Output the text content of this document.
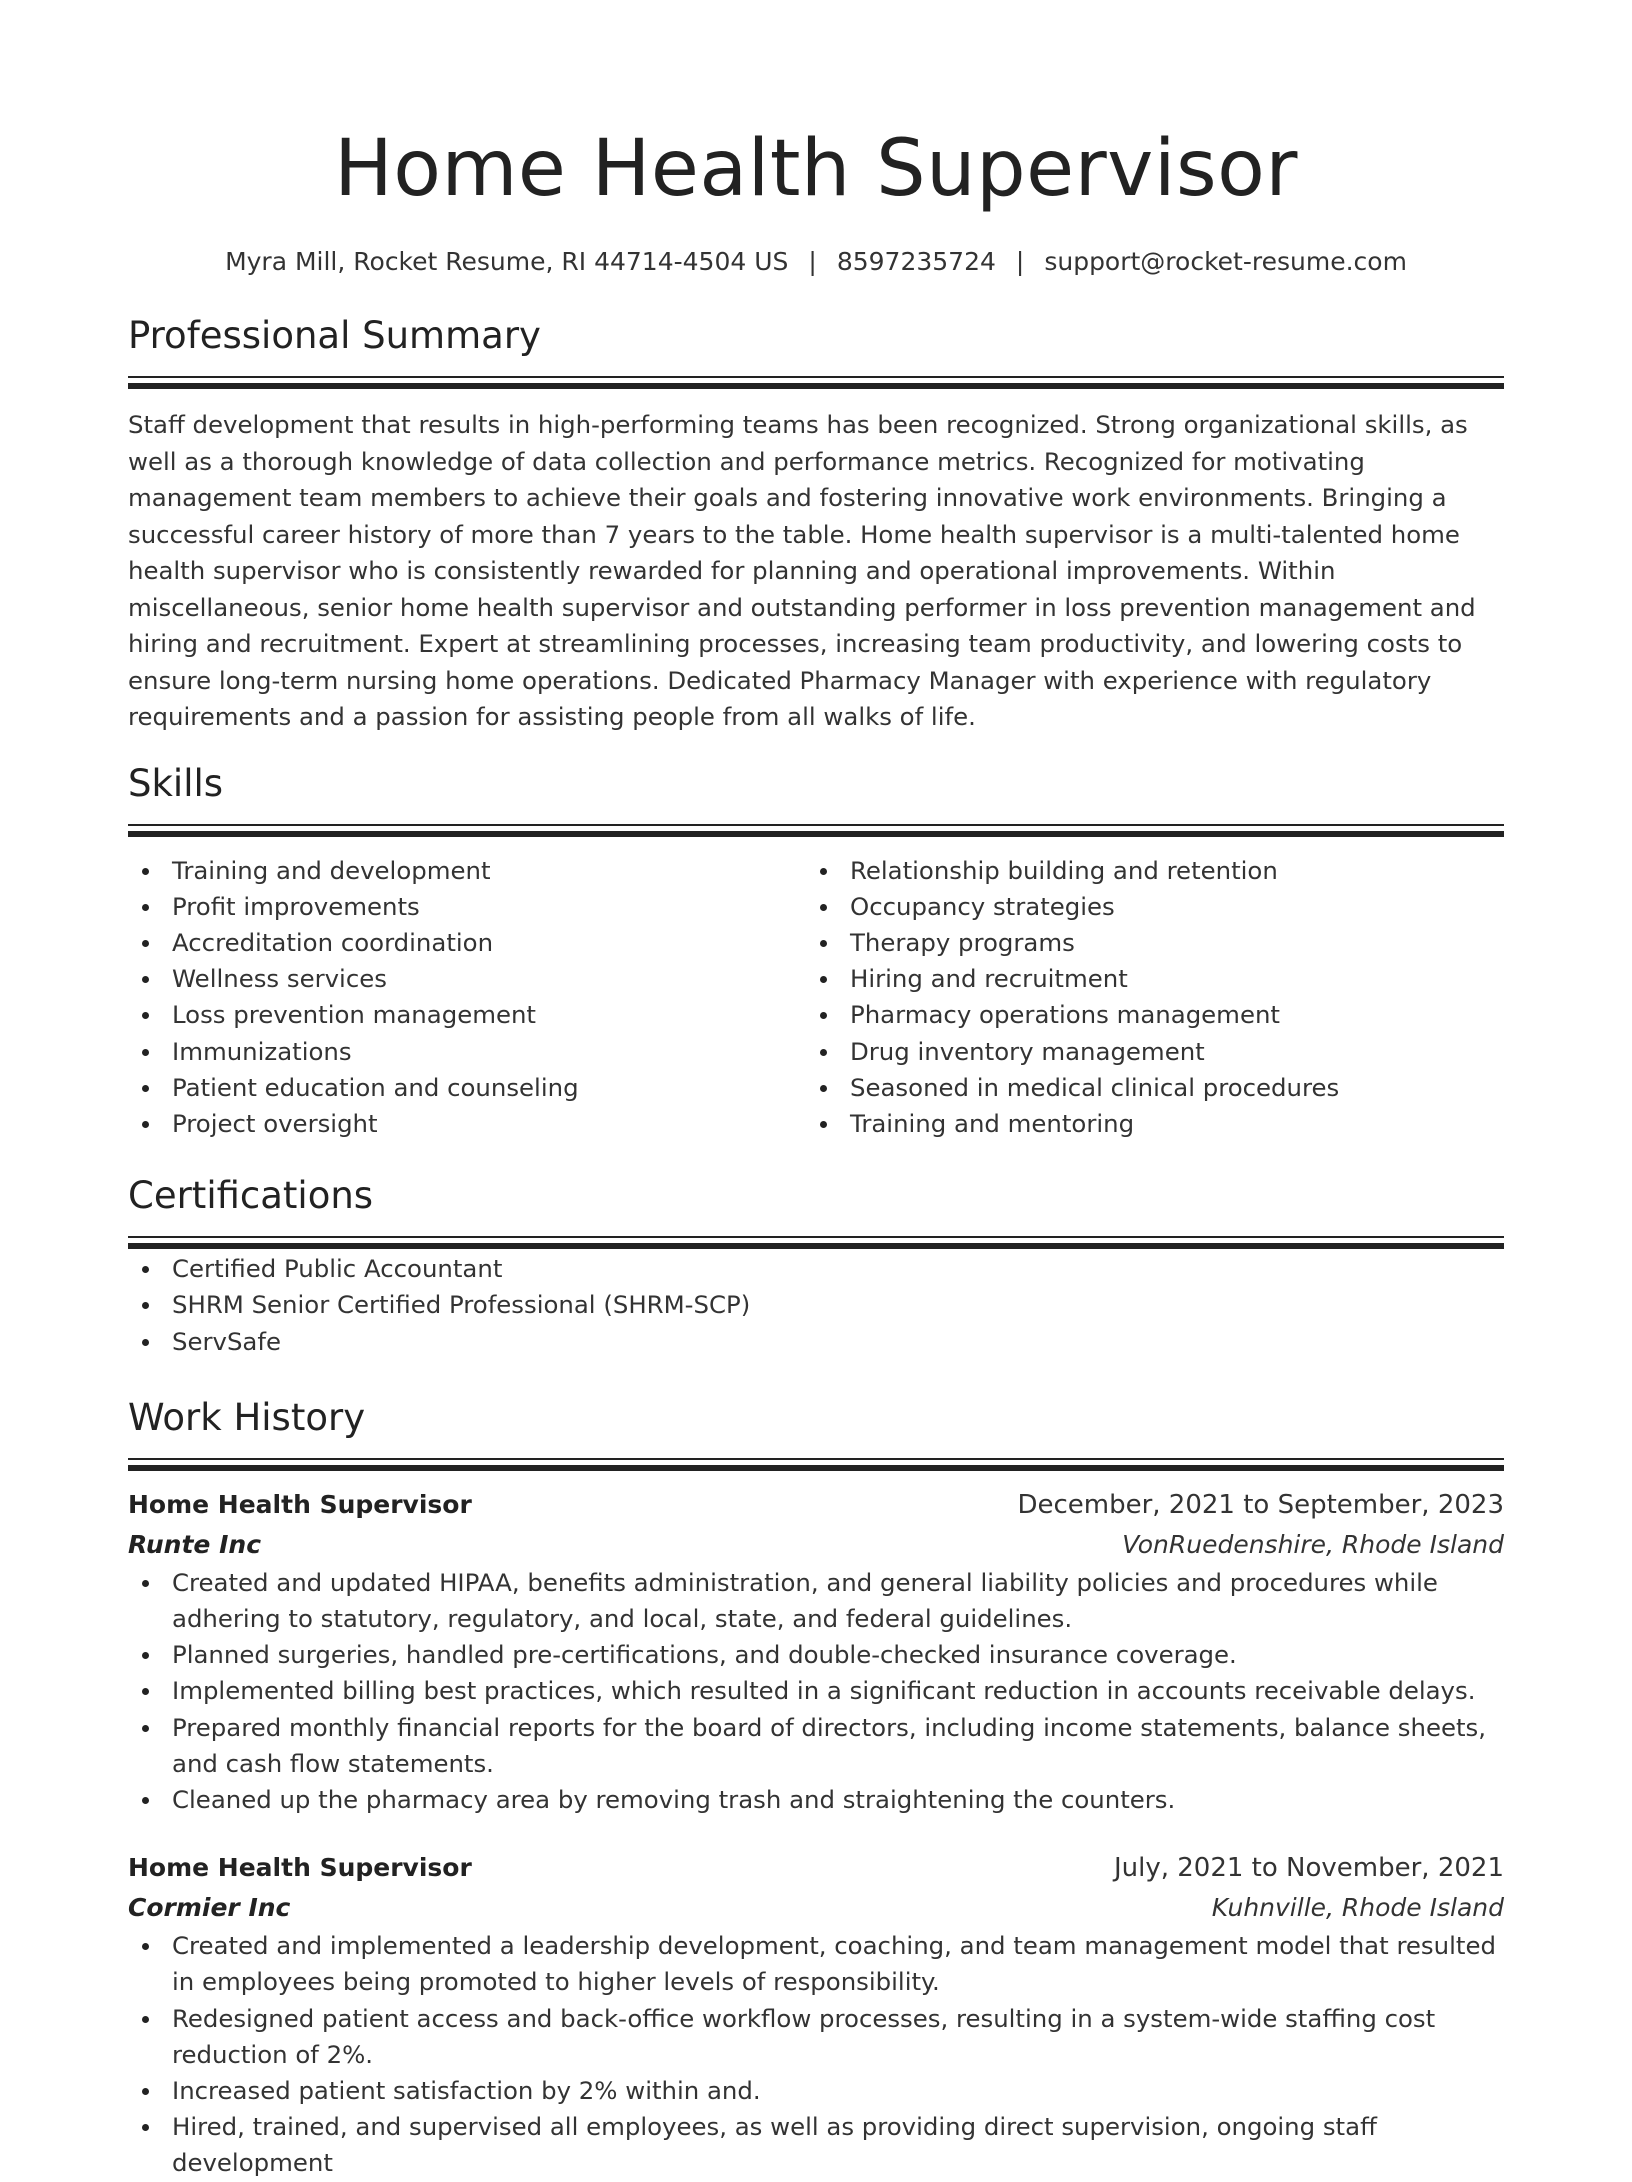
Home Health Supervisor
Myra Mill, Rocket Resume, RI 44714-4504 US | 8597235724 | support@rocket-resume.com
Professional Summary
Staff development that results in high-performing teams has been recognized. Strong organizational skills, as well as a thorough knowledge of data collection and performance metrics. Recognized for motivating management team members to achieve their goals and fostering innovative work environments. Bringing a successful career history of more than 7 years to the table. Home health supervisor is a multi-talented home health supervisor who is consistently rewarded for planning and operational improvements. Within miscellaneous, senior home health supervisor and outstanding performer in loss prevention management and hiring and recruitment. Expert at streamlining processes, increasing team productivity, and lowering costs to ensure long-term nursing home operations. Dedicated Pharmacy Manager with experience with regulatory requirements and a passion for assisting people from all walks of life.
Skills
Training and development
Profit improvements
Accreditation coordination
Wellness services
Loss prevention management
Immunizations
Patient education and counseling
Project oversight
Relationship building and retention
Occupancy strategies
Therapy programs
Hiring and recruitment
Pharmacy operations management
Drug inventory management
Seasoned in medical clinical procedures
Training and mentoring
Certifications
Certified Public Accountant
SHRM Senior Certified Professional (SHRM-SCP)
ServSafe
Work History
Home Health Supervisor	December, 2021 to September, 2023
Runte Inc	VonRuedenshire, Rhode Island
Created and updated HIPAA, benefits administration, and general liability policies and procedures while adhering to statutory, regulatory, and local, state, and federal guidelines.
Planned surgeries, handled pre-certifications, and double-checked insurance coverage.
Implemented billing best practices, which resulted in a significant reduction in accounts receivable delays.
Prepared monthly financial reports for the board of directors, including income statements, balance sheets, and cash flow statements.
Cleaned up the pharmacy area by removing trash and straightening the counters.
Home Health Supervisor	July, 2021 to November, 2021
Cormier Inc	Kuhnville, Rhode Island
Created and implemented a leadership development, coaching, and team management model that resulted in employees being promoted to higher levels of responsibility.
Redesigned patient access and back-office workflow processes, resulting in a system-wide staffing cost reduction of 2%.
Increased patient satisfaction by 2% within and.
Hired, trained, and supervised all employees, as well as providing direct supervision, ongoing staff development
